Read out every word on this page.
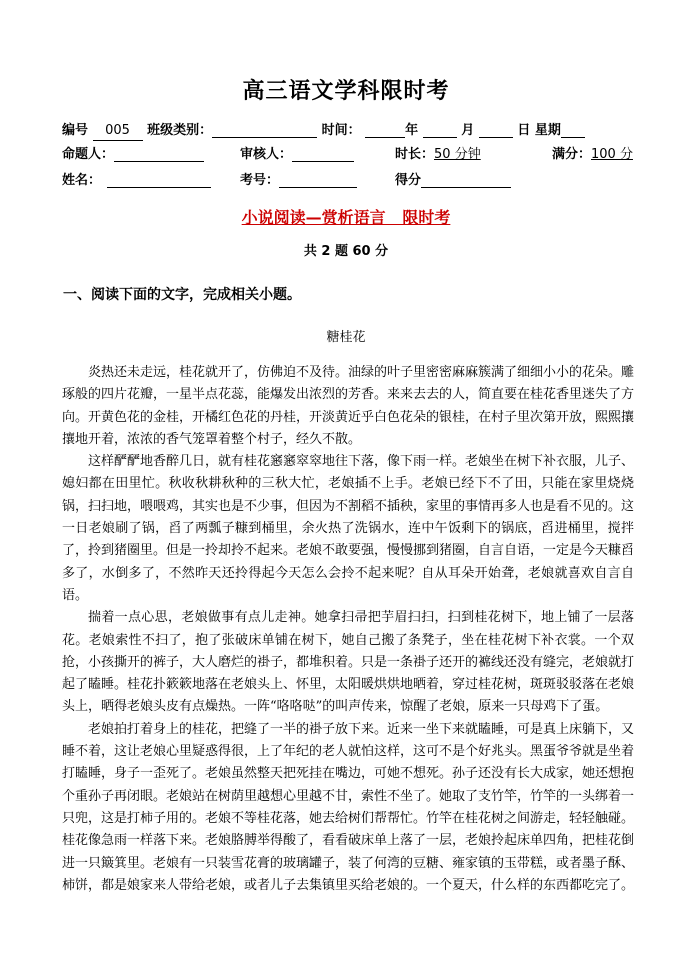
高三语文学科限时考
编号 005 班级类别：	时间：	年	月	日 星期
命题人：	审核人：	时长：50 分钟	满分：100 分
姓名：	考号：	得分
小说阅读—赏析语言   限时考
共 2 题 60 分
一、阅读下面的文字，完成相关小题。
糖桂花

炎热还未走远，桂花就开了，仿佛迫不及待。油绿的叶子里密密麻麻簇满了细细小小的花朵。雕琢般的四片花瓣，一星半点花蕊，能爆发出浓烈的芳香。来来去去的人，简直要在桂花香里迷失了方向。开黄色花的金桂，开橘红色花的丹桂，开淡黄近乎白色花朵的银桂，在村子里次第开放，熙熙攘攘地开着，浓浓的香气笼罩着整个村子，经久不散。

这样酽酽地香醉几日，就有桂花窸窸窣窣地往下落，像下雨一样。老娘坐在树下补衣服，儿子、媳妇都在田里忙。秋收秋耕秋种的三秋大忙，老娘插不上手。老娘已经下不了田，只能在家里烧烧锅，扫扫地，喂喂鸡，其实也是不少事，但因为不割稻不插秧，家里的事情再多人也是看不见的。这一日老娘刷了锅，舀了两瓢子糠到桶里，余火热了洗锅水，连中午饭剩下的锅底，舀进桶里，搅拌了，拎到猪圈里。但是一拎却拎不起来。老娘不敢要强，慢慢挪到猪圈，自言自语，一定是今天糠舀多了，水倒多了，不然昨天还拎得起今天怎么会拎不起来呢？自从耳朵开始聋，老娘就喜欢自言自语。

揣着一点心思，老娘做事有点儿走神。她拿扫帚把芋眉扫扫，扫到桂花树下，地上铺了一层落花。老娘索性不扫了，抱了张破床单铺在树下，她自己搬了条凳子，坐在桂花树下补衣裳。一个双抢，小孩撕开的裤子，大人磨烂的褂子，都堆积着。只是一条褂子还开的褯线还没有缝完，老娘就打起了瞌睡。桂花扑簌簌地落在老娘头上、怀里，太阳暖烘烘地晒着，穿过桂花树，斑斑驳驳落在老娘头上，晒得老娘头皮有点燥热。一阵“咯咯哒”的叫声传来，惊醒了老娘，原来一只母鸡下了蛋。

老娘拍打着身上的桂花，把缝了一半的褂子放下来。近来一坐下来就瞌睡，可是真上床躺下，又睡不着，这让老娘心里疑惑得很，上了年纪的老人就怕这样，这可不是个好兆头。黑蛋爷爷就是坐着打瞌睡，身子一歪死了。老娘虽然整天把死挂在嘴边，可她不想死。孙子还没有长大成家，她还想抱个重孙子再闭眼。老娘站在树荫里越想心里越不甘，索性不坐了。她取了支竹竿，竹竿的一头绑着一只兜，这是打柿子用的。老娘不等桂花落，她去给树们帮帮忙。竹竿在桂花树之间游走，轻轻触碰。桂花像急雨一样落下来。老娘胳膊举得酸了，看看破床单上落了一层，老娘拎起床单四角，把桂花倒进一只簸箕里。老娘有一只装雪花膏的玻璃罐子，装了何湾的豆糖、雍家镇的玉带糕，或者墨子酥、柿饼，都是娘家来人带给老娘，或者儿子去集镇里买给老娘的。一个夏天，什么样的东西都吃完了。
